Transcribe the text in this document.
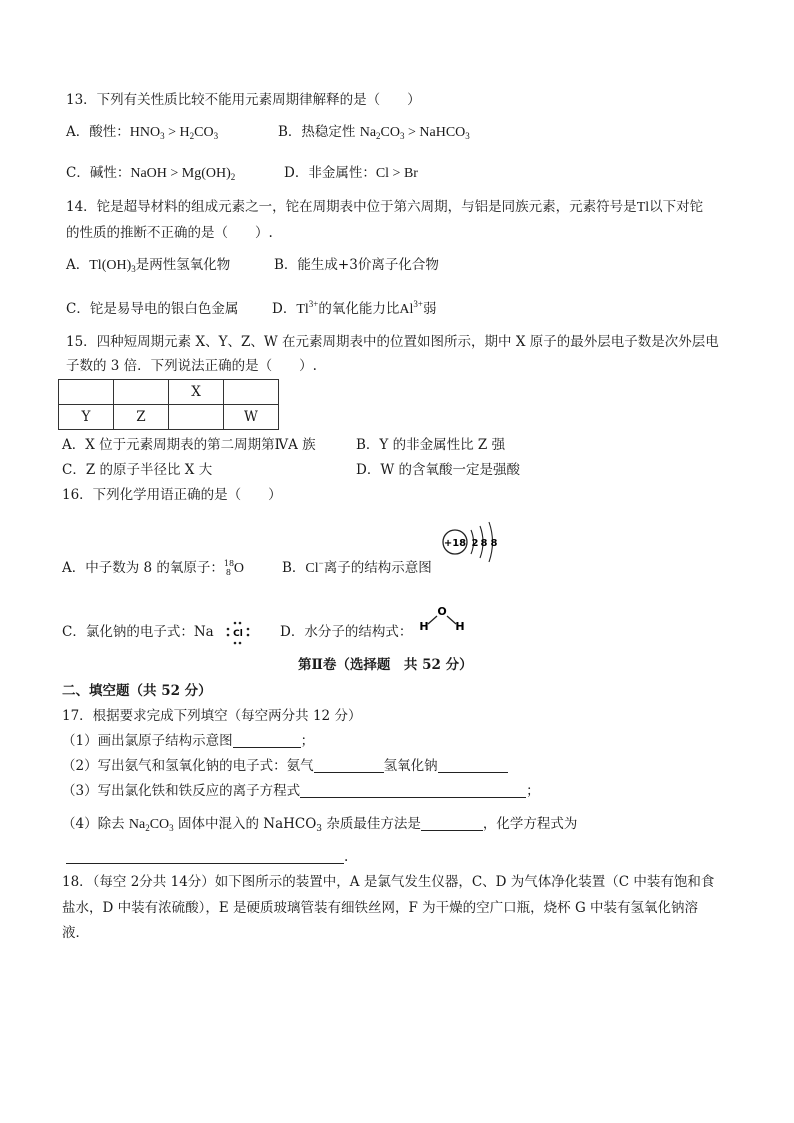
13．下列有关性质比较不能用元素周期律解释的是（　　）
A．酸性：$HNO_3 > H_2CO_3$	B．热稳定性 $Na_2CO_3$ > NaHCO$_3$
C．碱性：NaOH > $Mg(OH)_2$	D．非金属性：Cl > Br
14．铊是超导材料的组成元素之一，铊在周期表中位于第六周期，与铝是同族元素，元素符号是Tl以下对铊
的性质的推断不正确的是（　　）.
A．$Tl(OH)_3$是两性氢氧化物	B．能生成+3价离子化合物
C．铊是易导电的银白色金属 D．$Tl^{3+}$的氧化能力比$Al^{3+}$弱
15．四种短周期元素 X、Y、Z、W 在元素周期表中的位置如图所示，期中 X 原子的最外层电子数是次外层电
子数的 3 倍．下列说法正确的是（　　）.
		X	
Y	Z		W
A．X 位于元素周期表的第二周期第ⅣA 族	B．Y 的非金属性比 Z 强
C．Z 的原子半径比 X 大	D．W 的含氧酸一定是强酸
16．下列化学用语正确的是（　　）
A．中子数为 8 的氧原子： 18
8 O	B．Cl−离子的结构示意图
+18 2 8 8
C．氯化钠的电子式：Na Cl	D．水分子的结构式：
O
H H
第Ⅱ卷（选择题　共 52 分）
二、填空题（共 52 分）
17．根据要求完成下列填空（每空两分共 12 分）
（1）画出氯原子结构示意图	；
（2）写出氨气和氢氧化钠的电子式：氨气	氢氧化钠
（3）写出氯化铁和铁反应的离子方程式	；
（4）除去 $Na_2CO_3$ 固体中混入的 NaHCO$_3$ 杂质最佳方法是	，化学方程式为
.
18．（每空 2分共 14分）如下图所示的装置中，A 是氯气发生仪器，C、D 为气体净化装置（C 中装有饱和食
盐水，D 中装有浓硫酸），E 是硬质玻璃管装有细铁丝网，F 为干燥的空广口瓶，烧杯 G 中装有氢氧化钠溶
液．
